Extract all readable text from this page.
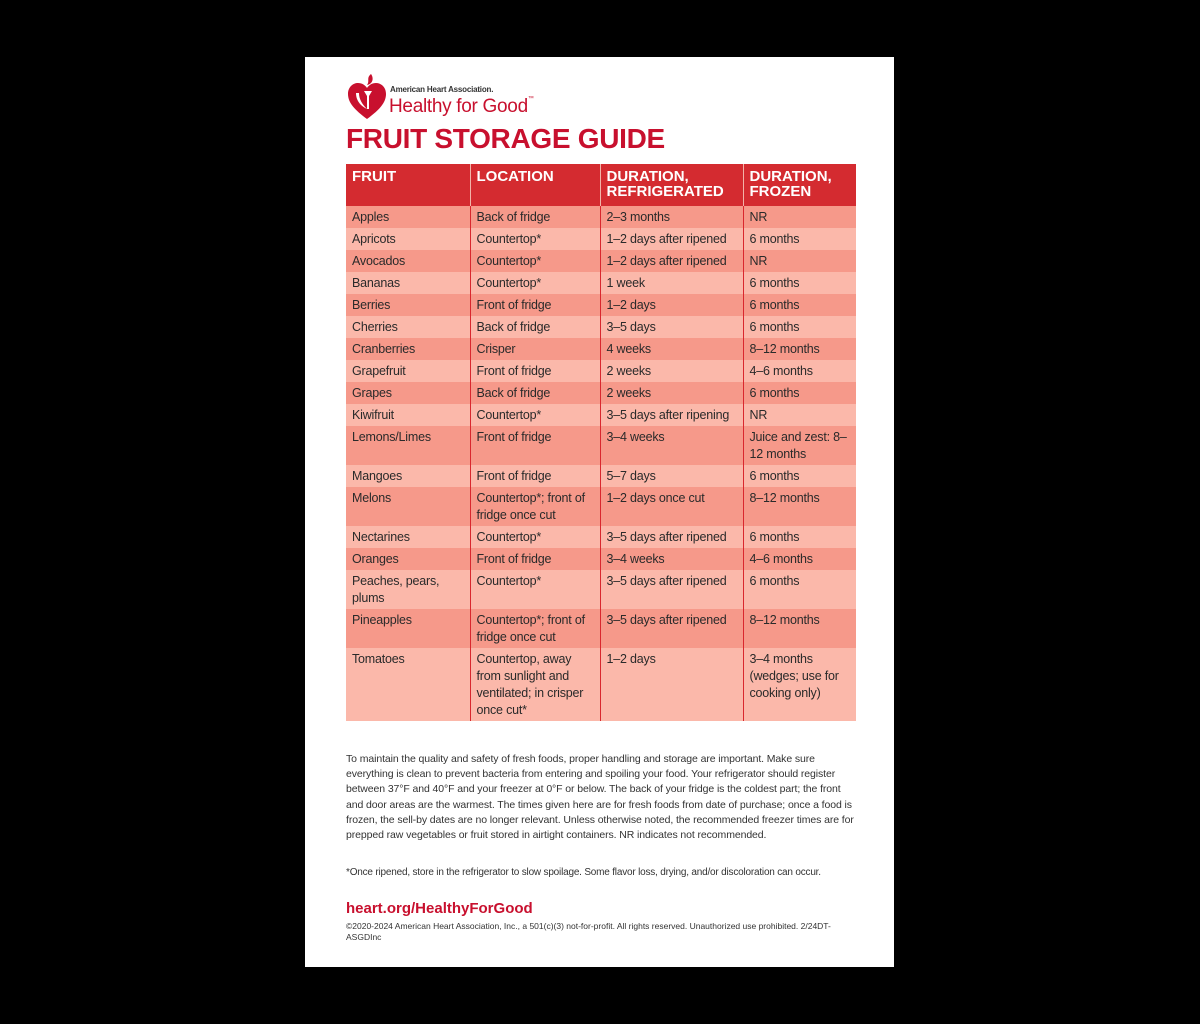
American Heart Association.
Healthy for Good™
FRUIT STORAGE GUIDE
FRUIT	LOCATION	DURATION, REFRIGERATED	DURATION, FROZEN
Apples	Back of fridge	2–3 months	NR
Apricots	Countertop*	1–2 days after ripened	6 months
Avocados	Countertop*	1–2 days after ripened	NR
Bananas	Countertop*	1 week	6 months
Berries	Front of fridge	1–2 days	6 months
Cherries	Back of fridge	3–5 days	6 months
Cranberries	Crisper	4 weeks	8–12 months
Grapefruit	Front of fridge	2 weeks	4–6 months
Grapes	Back of fridge	2 weeks	6 months
Kiwifruit	Countertop*	3–5 days after ripening	NR
Lemons/Limes	Front of fridge	3–4 weeks	Juice and zest: 8–12 months
Mangoes	Front of fridge	5–7 days	6 months
Melons	Countertop*; front of fridge once cut	1–2 days once cut	8–12 months
Nectarines	Countertop*	3–5 days after ripened	6 months
Oranges	Front of fridge	3–4 weeks	4–6 months
Peaches, pears, plums	Countertop*	3–5 days after ripened	6 months
Pineapples	Countertop*; front of fridge once cut	3–5 days after ripened	8–12 months
Tomatoes	Countertop, away from sunlight and ventilated; in crisper once cut*	1–2 days	3–4 months (wedges; use for cooking only)

To maintain the quality and safety of fresh foods, proper handling and storage are important. Make sure everything is clean to prevent bacteria from entering and spoiling your food. Your refrigerator should register between 37°F and 40°F and your freezer at 0°F or below. The back of your fridge is the coldest part; the front and door areas are the warmest. The times given here are for fresh foods from date of purchase; once a food is frozen, the sell-by dates are no longer relevant. Unless otherwise noted, the recommended freezer times are for prepped raw vegetables or fruit stored in airtight containers. NR indicates not recommended.

*Once ripened, store in the refrigerator to slow spoilage. Some flavor loss, drying, and/or discoloration can occur.

heart.org/HealthyForGood

©2020-2024 American Heart Association, Inc., a 501(c)(3) not-for-profit. All rights reserved. Unauthorized use prohibited. 2/24DT-ASGDInc
